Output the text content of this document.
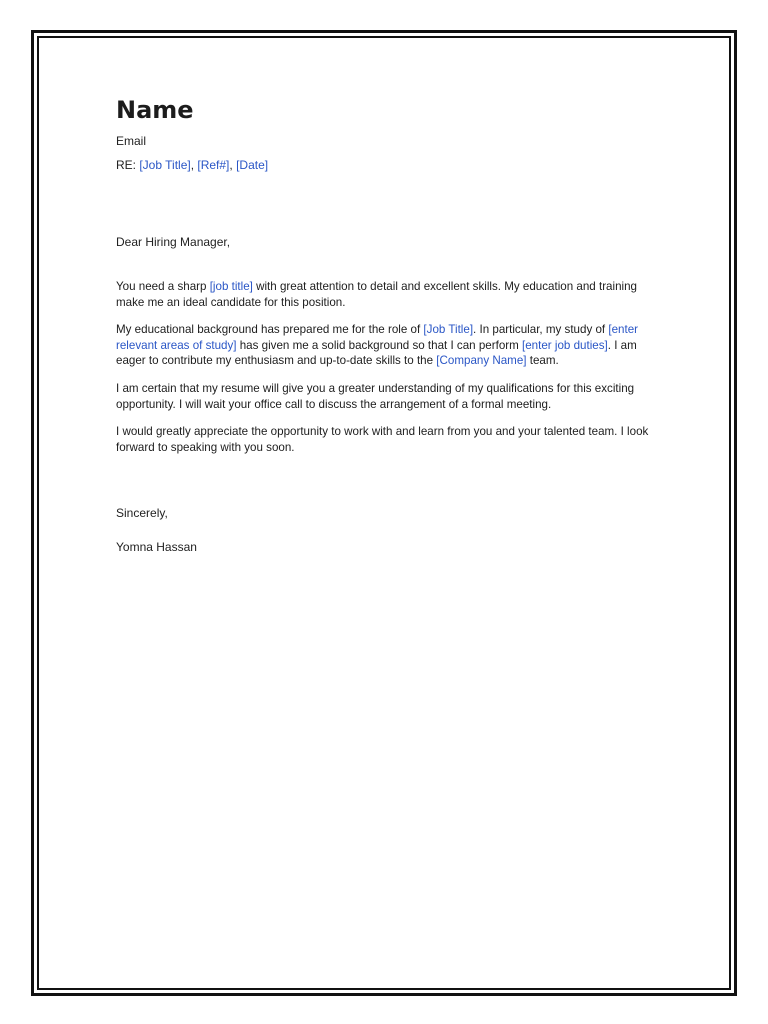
Name
Email
RE: [Job Title], [Ref#], [Date]
Dear Hiring Manager,

You need a sharp [job title] with great attention to detail and excellent skills. My education and training make me an ideal candidate for this position.

My educational background has prepared me for the role of [Job Title]. In particular, my study of [enter relevant areas of study] has given me a solid background so that I can perform [enter job duties]. I am eager to contribute my enthusiasm and up-to-date skills to the [Company Name] team.

I am certain that my resume will give you a greater understanding of my qualifications for this exciting opportunity. I will wait your office call to discuss the arrangement of a formal meeting.

I would greatly appreciate the opportunity to work with and learn from you and your talented team. I look forward to speaking with you soon.

Sincerely,
Yomna Hassan
